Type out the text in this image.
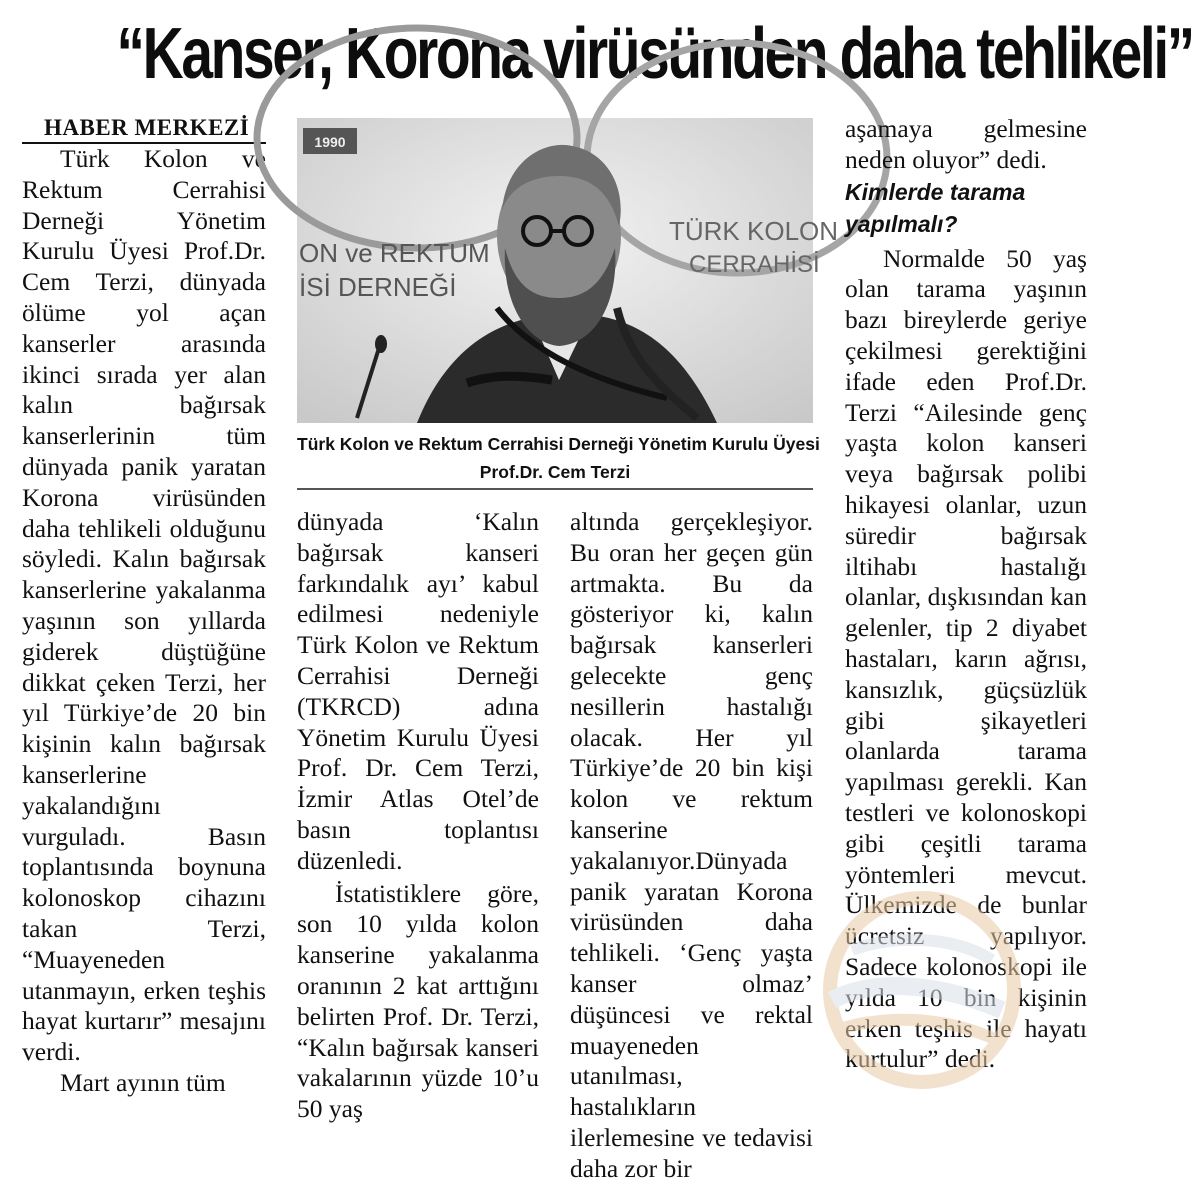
“Kanser, Korona virüsünden daha tehlikeli”
HABER MERKEZİ

Türk Kolon ve Rektum Cerrahisi Derneği Yönetim Kurulu Üyesi Prof.Dr. Cem Terzi, dünyada ölüme yol açan kanserler arasında ikinci sırada yer alan kalın bağırsak kanserlerinin tüm dünyada panik yaratan Korona virüsünden daha tehlikeli olduğunu söyledi. Kalın bağırsak kanserlerine yakalanma yaşının son yıllarda giderek düştüğüne dikkat çeken Terzi, her yıl Türkiye’de 20 bin kişinin kalın bağırsak kanserlerine yakalandığını vurguladı. Basın toplantısında boynuna kolonoskop cihazını takan Terzi, “Muayeneden utanmayın, erken teşhis hayat kurtarır” mesajını verdi.

Mart ayının tüm

1990
ON ve REKTUM
İSİ DERNEĞİ
TÜRK KOLON
CERRAHİSİ
Türk Kolon ve Rektum Cerrahisi Derneği Yönetim Kurulu Üyesi
Prof.Dr. Cem Terzi

dünyada ‘Kalın bağırsak kanseri farkındalık ayı’ kabul edilmesi nedeniyle Türk Kolon ve Rektum Cerrahisi Derneği (TKRCD) adına Yönetim Kurulu Üyesi Prof. Dr. Cem Terzi, İzmir Atlas Otel’de basın toplantısı düzenledi.

İstatistiklere göre, son 10 yılda kolon kanserine yakalanma oranının 2 kat arttığını belirten Prof. Dr. Terzi, “Kalın bağırsak kanseri vakalarının yüzde 10’u 50 yaş

altında gerçekleşiyor. Bu oran her geçen gün artmakta. Bu da gösteriyor ki, kalın bağırsak kanserleri gelecekte genç nesillerin hastalığı olacak. Her yıl Türkiye’de 20 bin kişi kolon ve rektum kanserine yakalanıyor.Dünyada panik yaratan Korona virüsünden daha tehlikeli. ‘Genç yaşta kanser olmaz’ düşüncesi ve rektal muayeneden utanılması, hastalıkların ilerlemesine ve tedavisi daha zor bir

aşamaya gelmesine neden oluyor” dedi.

Kimlerde tarama yapılmalı?

Normalde 50 yaş olan tarama yaşının bazı bireylerde geriye çekilmesi gerektiğini ifade eden Prof.Dr. Terzi “Ailesinde genç yaşta kolon kanseri veya bağırsak polibi hikayesi olanlar, uzun süredir bağırsak iltihabı hastalığı olanlar, dışkısından kan gelenler, tip 2 diyabet hastaları, karın ağrısı, kansızlık, güçsüzlük gibi şikayetleri olanlarda tarama yapılması gerekli. Kan testleri ve kolonoskopi gibi çeşitli tarama yöntemleri mevcut. Ülkemizde de bunlar ücretsiz yapılıyor. Sadece kolonoskopi ile yılda 10 bin kişinin erken teşhis ile hayatı kurtulur” dedi.
